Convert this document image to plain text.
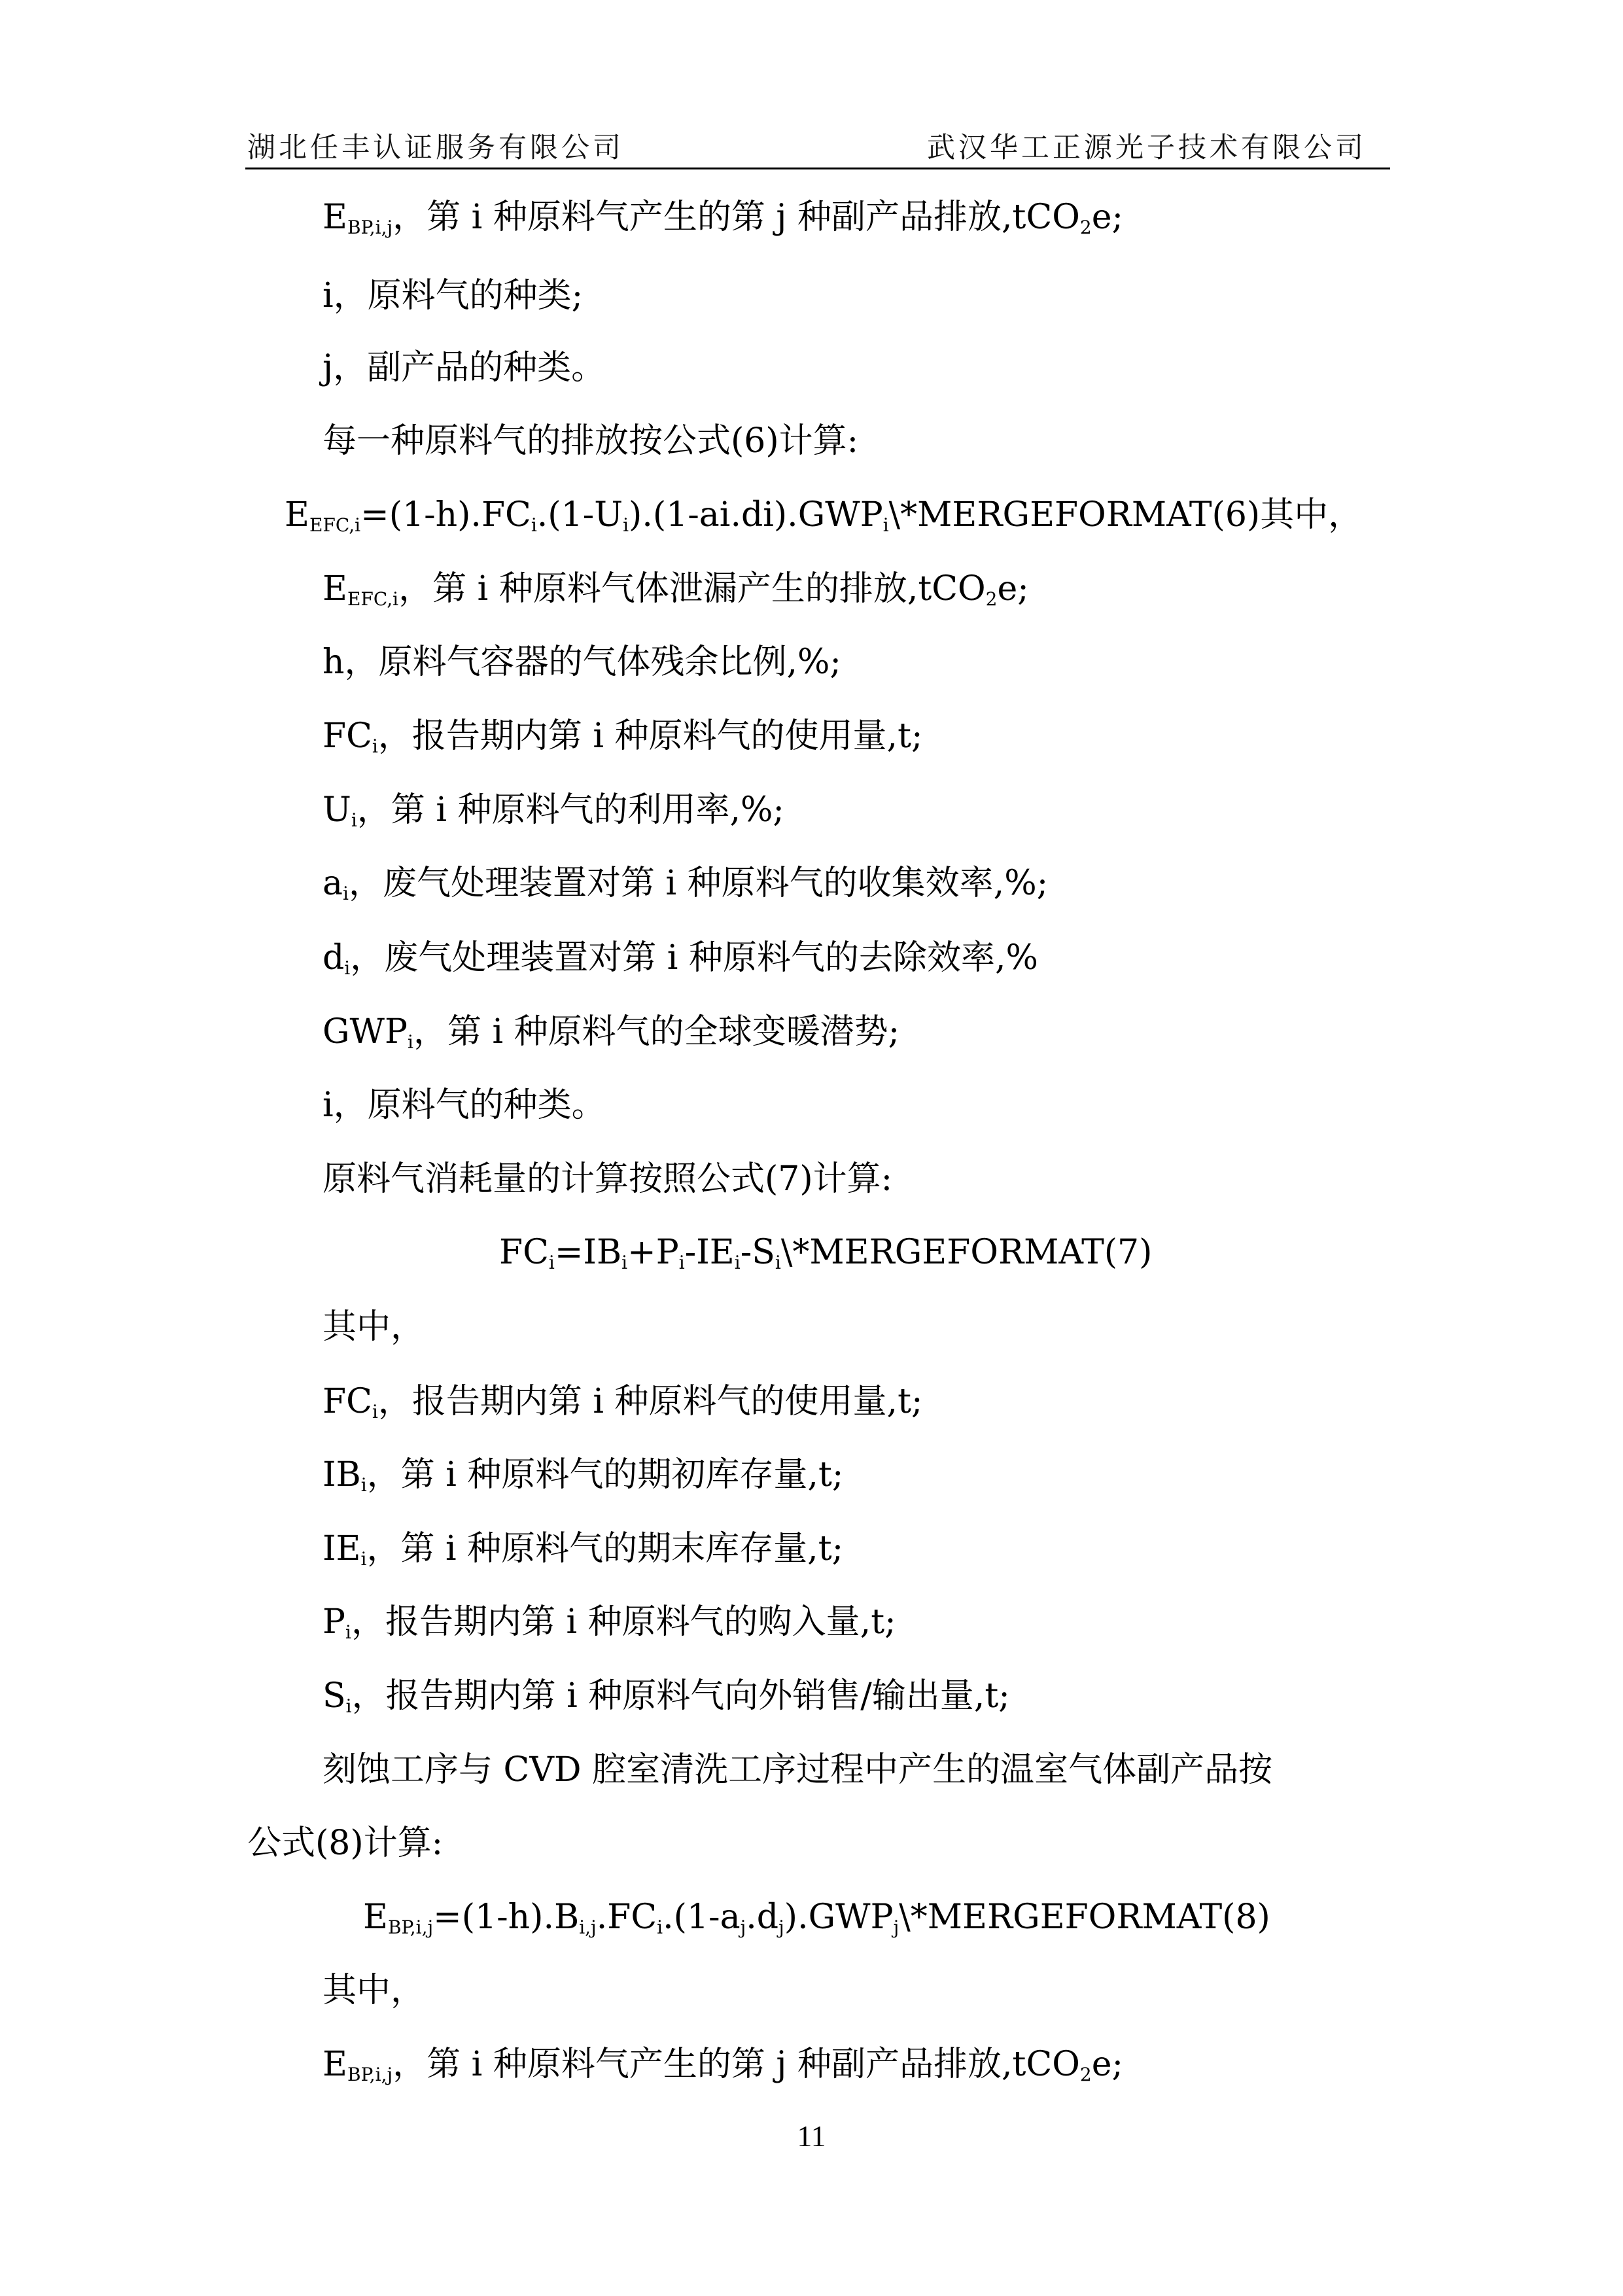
湖北任丰认证服务有限公司	武汉华工正源光子技术有限公司
$E_{BP,i,j}$，第 i 种原料气产生的第 j 种副产品排放,tCO$_2$e;
i，原料气的种类;
j，副产品的种类。
每一种原料气的排放按公式(6)计算:
$E_{EFC,i}=(1-h).FC_i.(1-U_i).(1-ai.di).GWP_i\backslash*MERGEFORMAT(6)$其中，
$E_{EFC,i}$，第 i 种原料气体泄漏产生的排放,tCO$_2$e;
h，原料气容器的气体残余比例,%;
$FC_i$，报告期内第 i 种原料气的使用量,t;
$U_i$，第 i 种原料气的利用率,%;
$a_i$，废气处理装置对第 i 种原料气的收集效率,%;
$d_i$，废气处理装置对第 i 种原料气的去除效率,%
$GWP_i$，第 i 种原料气的全球变暖潜势;
i，原料气的种类。
原料气消耗量的计算按照公式(7)计算:
$FC_i=IB_i+P_i-IE_i-S_i\backslash*MERGEFORMAT(7)$
其中，
$FC_i$，报告期内第 i 种原料气的使用量,t;
$IB_i$，第 i 种原料气的期初库存量,t;
$IE_i$，第 i 种原料气的期末库存量,t;
$P_i$，报告期内第 i 种原料气的购入量,t;
$S_i$，报告期内第 i 种原料气向外销售/输出量,t;
刻蚀工序与 CVD 腔室清洗工序过程中产生的温室气体副产品按
公式(8)计算:
$E_{BP,i,j}=(1-h).B_{i,j}.FC_i.(1-a_j.d_j).GWP_j\backslash*MERGEFORMAT(8)$
其中，
$E_{BP,i,j}$，第 i 种原料气产生的第 j 种副产品排放,tCO$_2$e;
11
